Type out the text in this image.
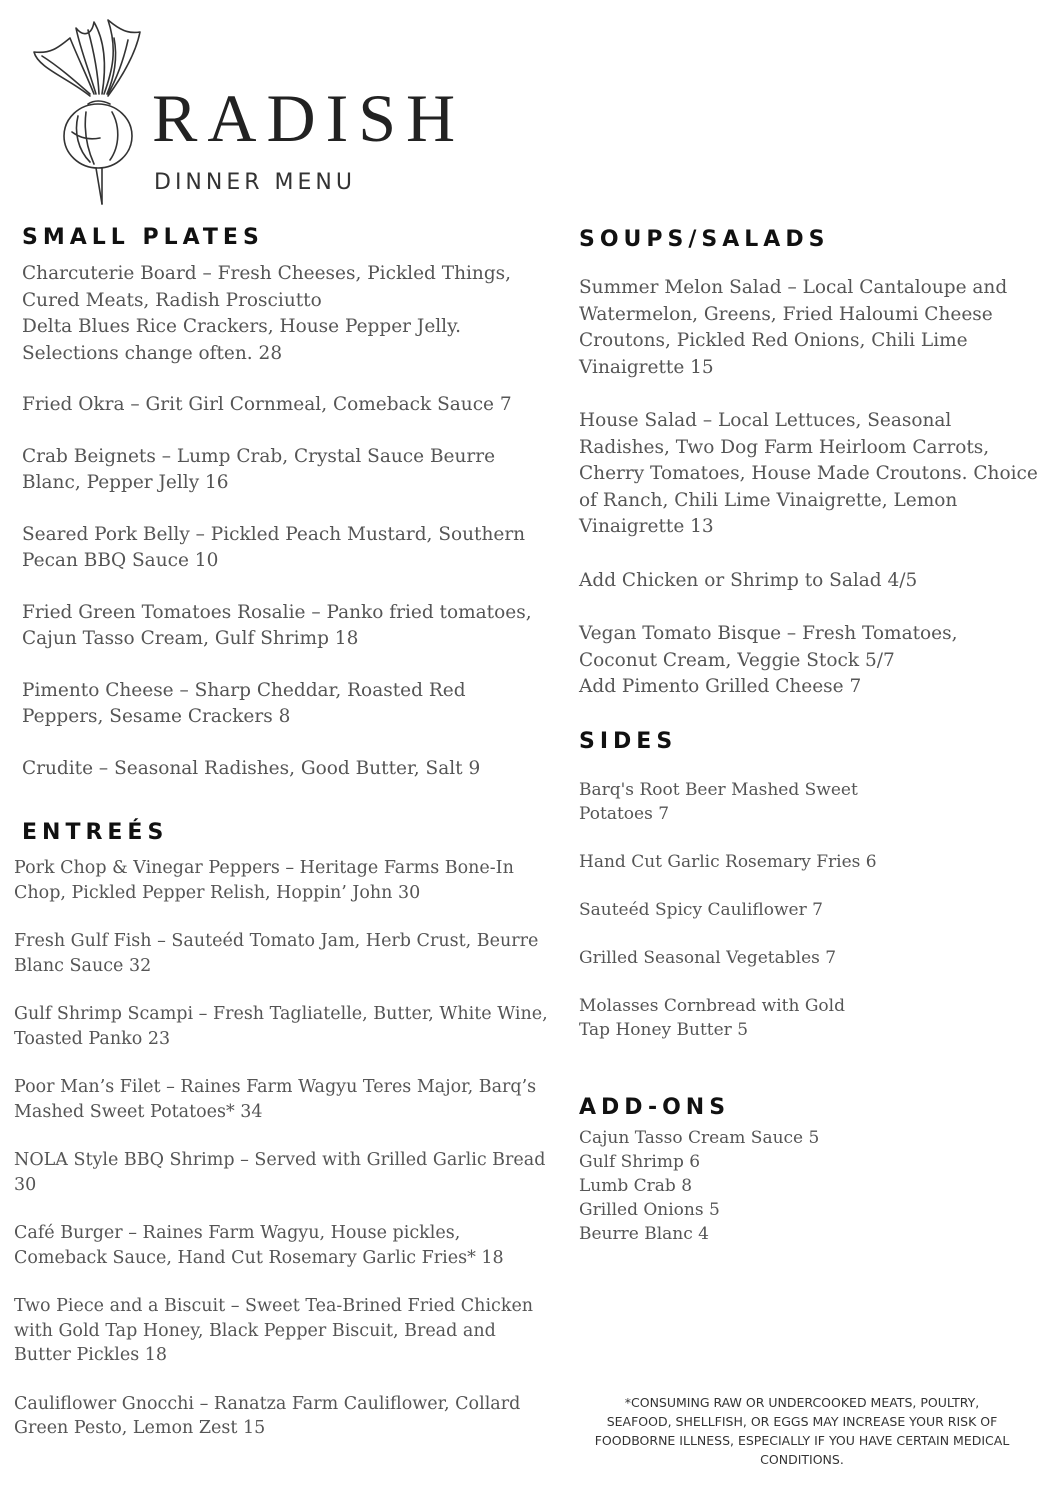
RADISH
DINNER MENU
SMALL PLATES

Charcuterie Board – Fresh Cheeses, Pickled Things, Cured Meats, Radish Prosciutto

Delta Blues Rice Crackers, House Pepper Jelly. Selections change often. 28

Fried Okra – Grit Girl Cornmeal, Comeback Sauce 7

Crab Beignets – Lump Crab, Crystal Sauce Beurre Blanc, Pepper Jelly 16

Seared Pork Belly – Pickled Peach Mustard, Southern Pecan BBQ Sauce 10

Fried Green Tomatoes Rosalie – Panko fried tomatoes, Cajun Tasso Cream, Gulf Shrimp 18

Pimento Cheese – Sharp Cheddar, Roasted Red Peppers, Sesame Crackers 8

Crudite – Seasonal Radishes, Good Butter, Salt 9

ENTREÉS

Pork Chop & Vinegar Peppers – Heritage Farms Bone-In Chop, Pickled Pepper Relish, Hoppin’ John 30

Fresh Gulf Fish – Sauteéd Tomato Jam, Herb Crust, Beurre Blanc Sauce 32

Gulf Shrimp Scampi – Fresh Tagliatelle, Butter, White Wine, Toasted Panko 23

Poor Man’s Filet – Raines Farm Wagyu Teres Major, Barq’s Mashed Sweet Potatoes* 34

NOLA Style BBQ Shrimp – Served with Grilled Garlic Bread 30

Café Burger – Raines Farm Wagyu, House pickles, Comeback Sauce, Hand Cut Rosemary Garlic Fries* 18

Two Piece and a Biscuit – Sweet Tea-Brined Fried Chicken with Gold Tap Honey, Black Pepper Biscuit, Bread and Butter Pickles 18

Cauliflower Gnocchi – Ranatza Farm Cauliflower, Collard Green Pesto, Lemon Zest 15

SOUPS/SALADS

Summer Melon Salad – Local Cantaloupe and Watermelon, Greens, Fried Haloumi Cheese Croutons, Pickled Red Onions, Chili Lime Vinaigrette 15

House Salad – Local Lettuces, Seasonal Radishes, Two Dog Farm Heirloom Carrots, Cherry Tomatoes, House Made Croutons. Choice of Ranch, Chili Lime Vinaigrette, Lemon Vinaigrette 13

Add Chicken or Shrimp to Salad 4/5

Vegan Tomato Bisque – Fresh Tomatoes, Coconut Cream, Veggie Stock 5/7

Add Pimento Grilled Cheese 7

SIDES

Barq's Root Beer Mashed Sweet Potatoes 7

Hand Cut Garlic Rosemary Fries 6

Sauteéd Spicy Cauliflower 7

Grilled Seasonal Vegetables 7

Molasses Cornbread with Gold Tap Honey Butter 5

ADD-ONS

Cajun Tasso Cream Sauce 5

Gulf Shrimp 6

Lumb Crab 8

Grilled Onions 5

Beurre Blanc 4

*CONSUMING RAW OR UNDERCOOKED MEATS, POULTRY, SEAFOOD, SHELLFISH, OR EGGS MAY INCREASE YOUR RISK OF FOODBORNE ILLNESS, ESPECIALLY IF YOU HAVE CERTAIN MEDICAL CONDITIONS.
